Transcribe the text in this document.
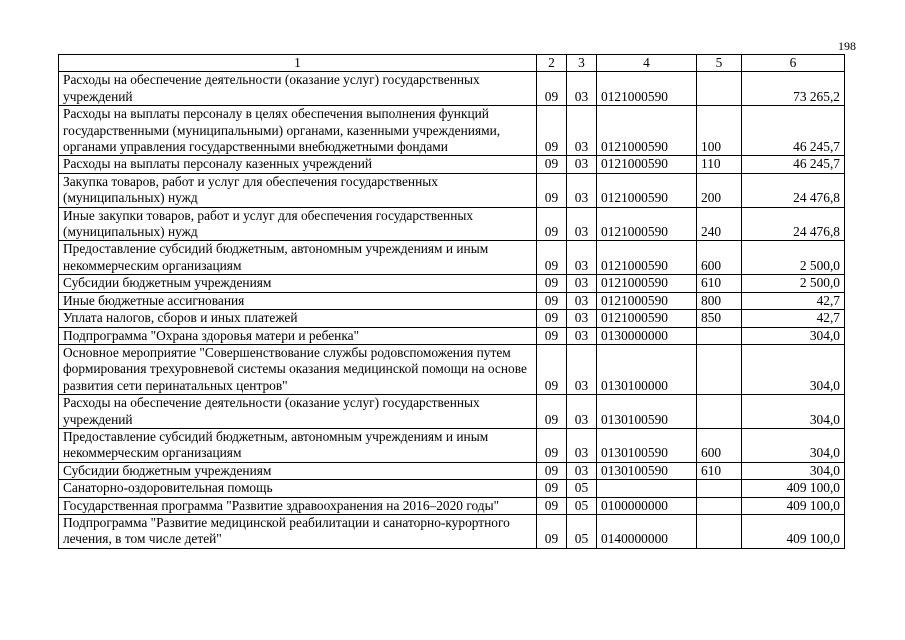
198
1	2	3	4	5	6
Расходы на обеспечение деятельности (оказание услуг) государственных учреждений	09	03	0121000590		73 265,2
Расходы на выплаты персоналу в целях обеспечения выполнения функций государственными (муниципальными) органами, казенными учреждениями, органами управления государственными внебюджетными фондами	09	03	0121000590	100	46 245,7
Расходы на выплаты персоналу казенных учреждений	09	03	0121000590	110	46 245,7
Закупка товаров, работ и услуг для обеспечения государственных (муниципальных) нужд	09	03	0121000590	200	24 476,8
Иные закупки товаров, работ и услуг для обеспечения государственных (муниципальных) нужд	09	03	0121000590	240	24 476,8
Предоставление субсидий бюджетным, автономным учреждениям и иным некоммерческим организациям	09	03	0121000590	600	2 500,0
Субсидии бюджетным учреждениям	09	03	0121000590	610	2 500,0
Иные бюджетные ассигнования	09	03	0121000590	800	42,7
Уплата налогов, сборов и иных платежей	09	03	0121000590	850	42,7
Подпрограмма "Охрана здоровья матери и ребенка"	09	03	0130000000		304,0
Основное мероприятие "Совершенствование службы родовспоможения путем формирования трехуровневой системы оказания медицинской помощи на основе развития сети перинатальных центров"	09	03	0130100000		304,0
Расходы на обеспечение деятельности (оказание услуг) государственных учреждений	09	03	0130100590		304,0
Предоставление субсидий бюджетным, автономным учреждениям и иным некоммерческим организациям	09	03	0130100590	600	304,0
Субсидии бюджетным учреждениям	09	03	0130100590	610	304,0
Санаторно-оздоровительная помощь	09	05			409 100,0
Государственная программа "Развитие здравоохранения на 2016–2020 годы"	09	05	0100000000		409 100,0
Подпрограмма "Развитие медицинской реабилитации и санаторно-курортного лечения, в том числе детей"	09	05	0140000000		409 100,0
